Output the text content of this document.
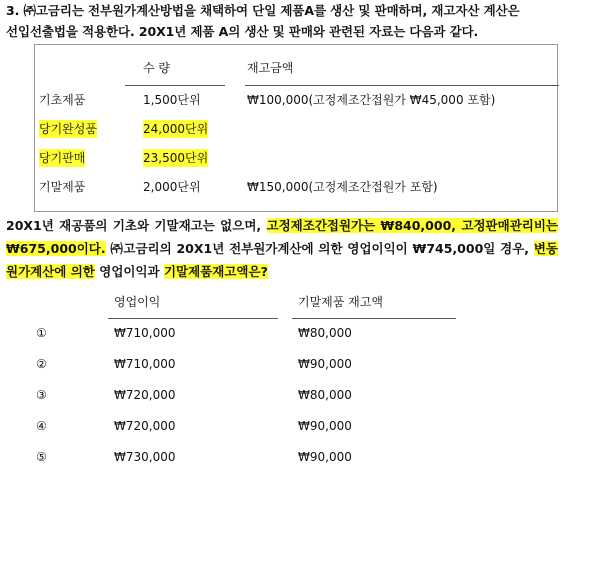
3. ㈜고금리는 전부원가계산방법을 채택하여 단일 제품A를 생산 및 판매하며, 재고자산 계산은
선입선출법을 적용한다. 20X1년 제품 A의 생산 및 판매와 관련된 자료는 다음과 같다.
수 량	재고금액
기초제품	1,500단위	₩100,000(고정제조간접원가 ₩45,000 포함)
당기완성품	24,000단위
당기판매	23,500단위
기말제품	2,000단위	₩150,000(고정제조간접원가 포함)
20X1년 재공품의 기초와 기말재고는 없으며, 고정제조간접원가는 ₩840,000, 고정판매관리비는 ₩675,000이다. ㈜고금리의 20X1년 전부원가계산에 의한 영업이익이 ₩745,000일 경우, 변동원가계산에 의한 영업이익과 기말제품재고액은?
영업이익	기말제품 재고액
①	₩710,000	₩80,000
②	₩710,000	₩90,000
③	₩720,000	₩80,000
④	₩720,000	₩90,000
⑤	₩730,000	₩90,000
